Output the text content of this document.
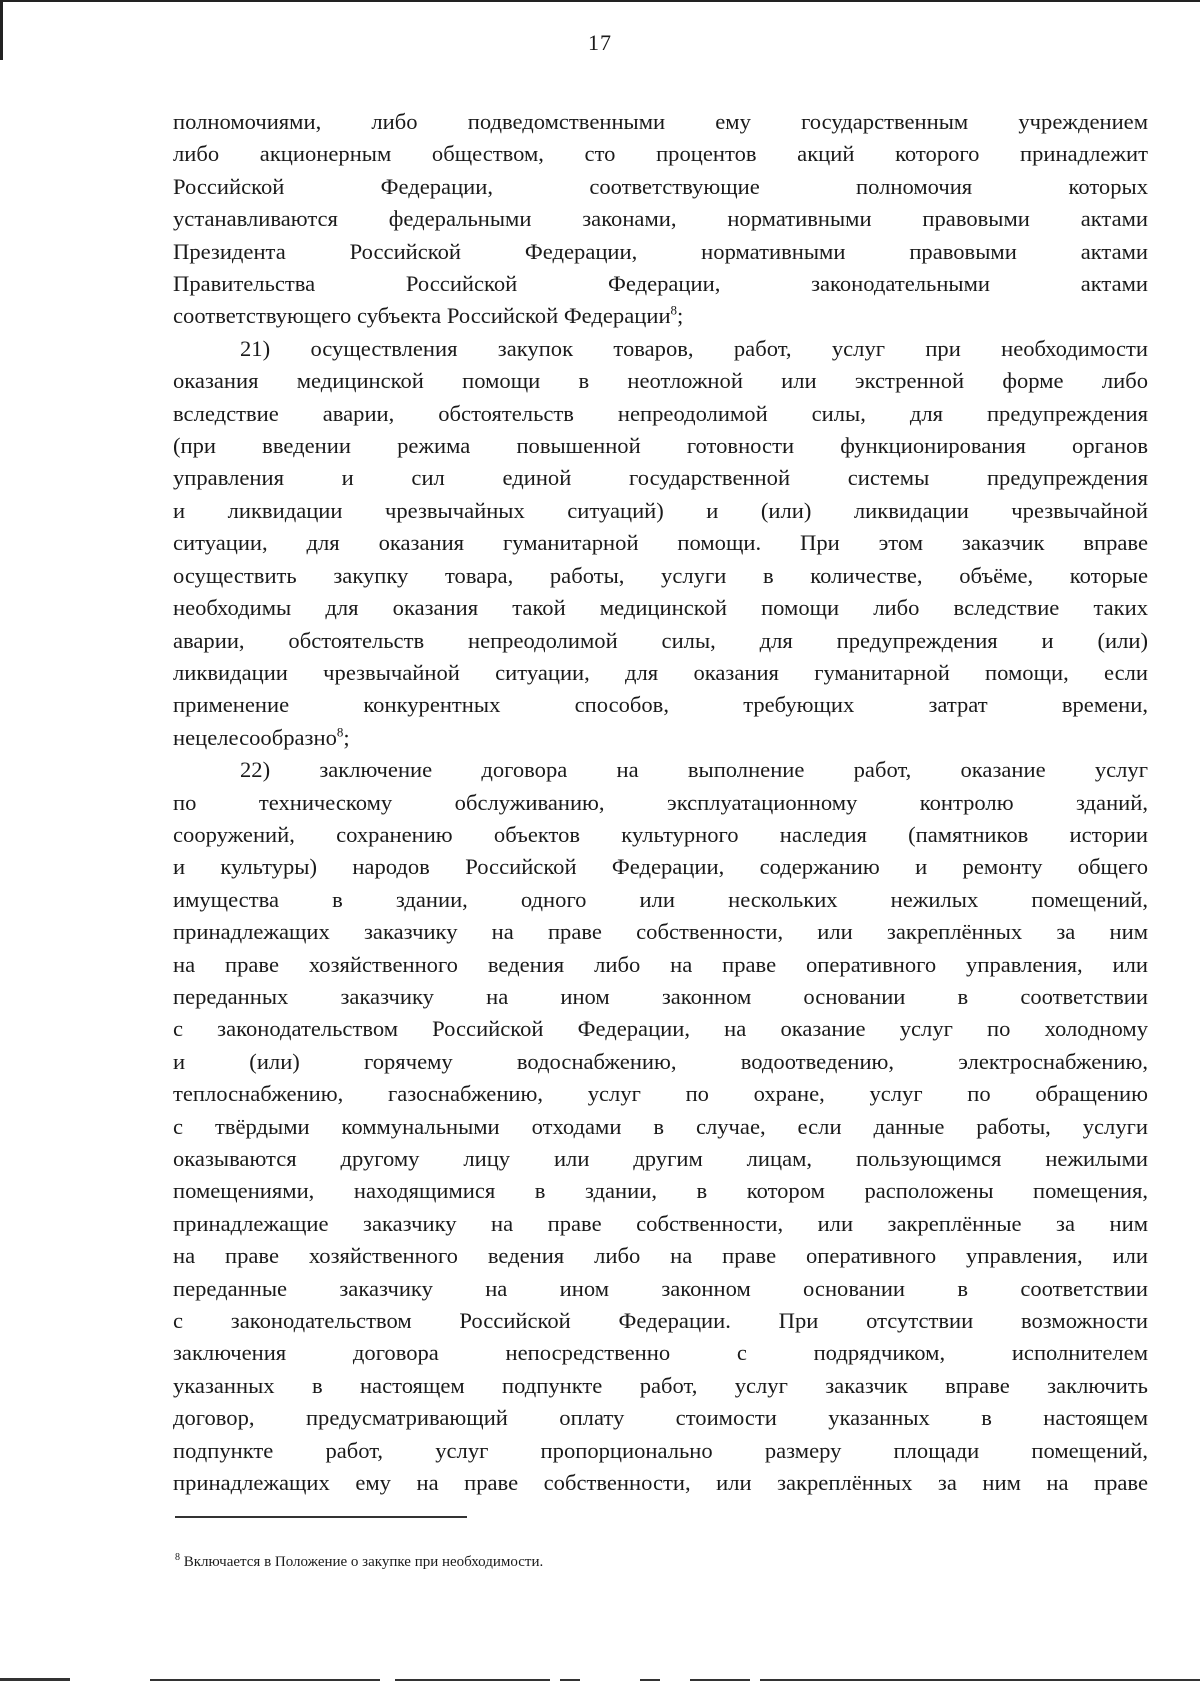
17

полномочиями, либо подведомственными ему государственным учреждением
либо акционерным обществом, сто процентов акций которого принадлежит
Российской Федерации, соответствующие полномочия которых
устанавливаются федеральными законами, нормативными правовыми актами
Президента Российской Федерации, нормативными правовыми актами
Правительства Российской Федерации, законодательными актами
соответствующего субъекта Российской Федерации$^8$;

21) осуществления закупок товаров, работ, услуг при необходимости
оказания медицинской помощи в неотложной или экстренной форме либо
вследствие аварии, обстоятельств непреодолимой силы, для предупреждения
(при введении режима повышенной готовности функционирования органов
управления и сил единой государственной системы предупреждения
и ликвидации чрезвычайных ситуаций) и (или) ликвидации чрезвычайной
ситуации, для оказания гуманитарной помощи. При этом заказчик вправе
осуществить закупку товара, работы, услуги в количестве, объёме, которые
необходимы для оказания такой медицинской помощи либо вследствие таких
аварии, обстоятельств непреодолимой силы, для предупреждения и (или)
ликвидации чрезвычайной ситуации, для оказания гуманитарной помощи, если
применение конкурентных способов, требующих затрат времени,
нецелесообразно$^8$;

22) заключение договора на выполнение работ, оказание услуг
по техническому обслуживанию, эксплуатационному контролю зданий,
сооружений, сохранению объектов культурного наследия (памятников истории
и культуры) народов Российской Федерации, содержанию и ремонту общего
имущества в здании, одного или нескольких нежилых помещений,
принадлежащих заказчику на праве собственности, или закреплённых за ним
на праве хозяйственного ведения либо на праве оперативного управления, или
переданных заказчику на ином законном основании в соответствии
с законодательством Российской Федерации, на оказание услуг по холодному
и (или) горячему водоснабжению, водоотведению, электроснабжению,
теплоснабжению, газоснабжению, услуг по охране, услуг по обращению
с твёрдыми коммунальными отходами в случае, если данные работы, услуги
оказываются другому лицу или другим лицам, пользующимся нежилыми
помещениями, находящимися в здании, в котором расположены помещения,
принадлежащие заказчику на праве собственности, или закреплённые за ним
на праве хозяйственного ведения либо на праве оперативного управления, или
переданные заказчику на ином законном основании в соответствии
с законодательством Российской Федерации. При отсутствии возможности
заключения договора непосредственно с подрядчиком, исполнителем
указанных в настоящем подпункте работ, услуг заказчик вправе заключить
договор, предусматривающий оплату стоимости указанных в настоящем
подпункте работ, услуг пропорционально размеру площади помещений,
принадлежащих ему на праве собственности, или закреплённых за ним на праве

$^8$ Включается в Положение о закупке при необходимости.
